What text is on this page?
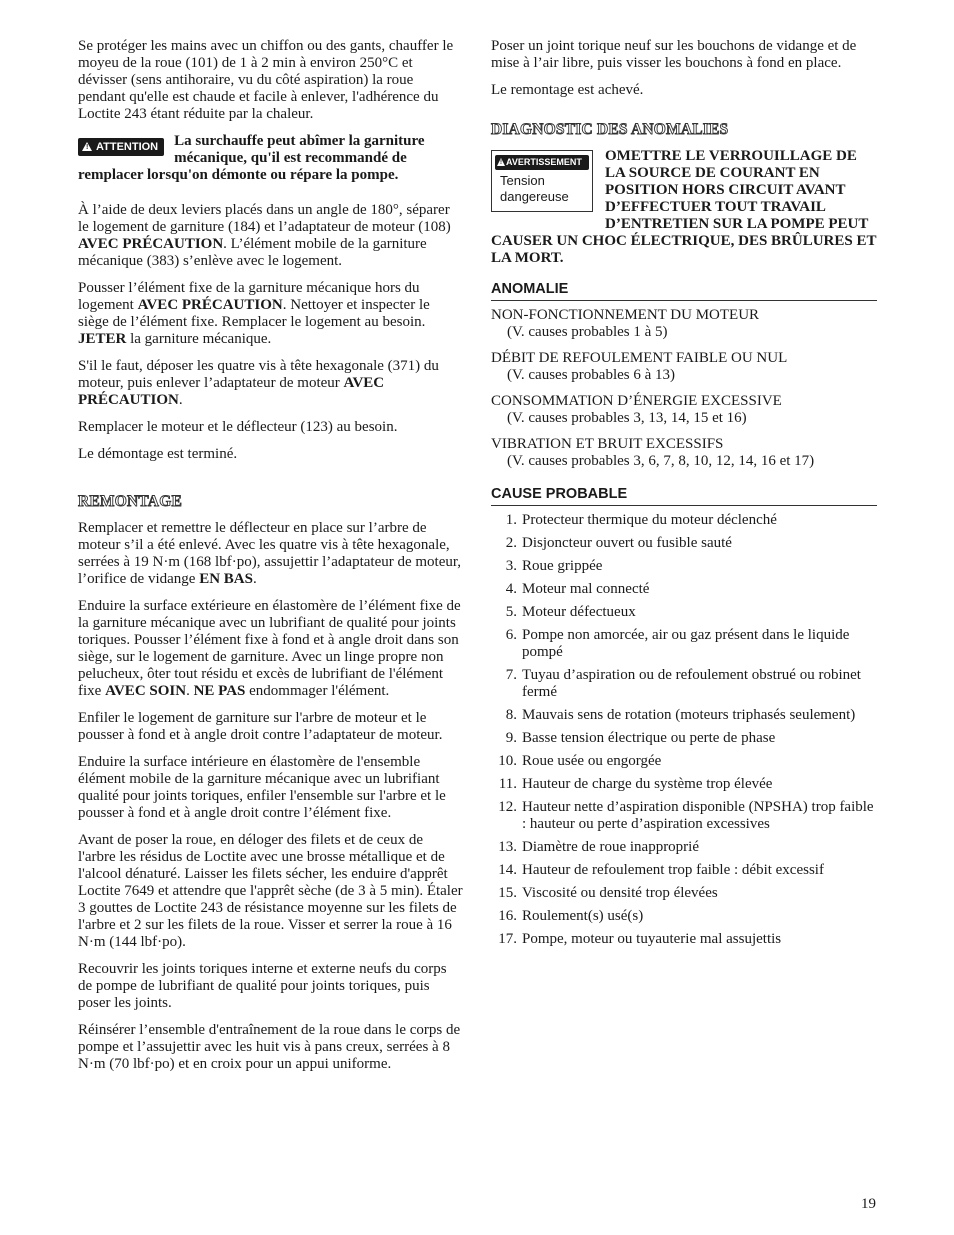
Se protéger les mains avec un chiffon ou des gants, chauffer le moyeu de la roue (101) de 1 à 2 min à environ 250°C et dévisser (sens antihoraire, vu du côté aspiration) la roue pendant qu'elle est chaude et facile à enlever, l'adhérence du Loctite 243 étant réduite par la chaleur.

! ATTENTION	La surchauffe peut abîmer la garniture mécanique, qu'il est recommandé de remplacer lorsqu'on démonte ou répare la pompe.

À l’aide de deux leviers placés dans un angle de 180°, séparer le logement de garniture (184) et l’adaptateur de moteur (108) AVEC PRÉCAUTION. L’élément mobile de la garniture mécanique (383) s’enlève avec le logement.

Pousser l’élément fixe de la garniture mécanique hors du logement AVEC PRÉCAUTION. Nettoyer et inspecter le siège de l’élément fixe. Remplacer le logement au besoin. JETER la garniture mécanique.

S'il le faut, déposer les quatre vis à tête hexagonale (371) du moteur, puis enlever l’adaptateur de moteur AVEC PRÉCAUTION.

Remplacer le moteur et le déflecteur (123) au besoin.

Le démontage est terminé.

REMONTAGE

Remplacer et remettre le déflecteur en place sur l’arbre de moteur s’il a été enlevé. Avec les quatre vis à tête hexagonale, serrées à 19 N·m (168 lbf·po), assujettir l’adaptateur de moteur, l’orifice de vidange EN BAS.

Enduire la surface extérieure en élastomère de l’élément fixe de la garniture mécanique avec un lubrifiant de qualité pour joints toriques. Pousser l’élément fixe à fond et à angle droit dans son siège, sur le logement de garniture. Avec un linge propre non pelucheux, ôter tout résidu et excès de lubrifiant de l'élément fixe AVEC SOIN. NE PAS endommager l'élément.

Enfiler le logement de garniture sur l'arbre de moteur et le pousser à fond et à angle droit contre l’adaptateur de moteur.

Enduire la surface intérieure en élastomère de l'ensemble élément mobile de la garniture mécanique avec un lubrifiant qualité pour joints toriques, enfiler l'ensemble sur l'arbre et le pousser à fond et à angle droit contre l’élément fixe.

Avant de poser la roue, en déloger des filets et de ceux de l'arbre les résidus de Loctite avec une brosse métallique et de l'alcool dénaturé. Laisser les filets sécher, les enduire d'apprêt Loctite 7649 et attendre que l'apprêt sèche (de 3 à 5 min). Étaler 3 gouttes de Loctite 243 de résistance moyenne sur les filets de l'arbre et 2 sur les filets de la roue. Visser et serrer la roue à 16 N·m (144 lbf·po).

Recouvrir les joints toriques interne et externe neufs du corps de pompe de lubrifiant de qualité pour joints toriques, puis poser les joints.

Réinsérer l’ensemble d'entraînement de la roue dans le corps de pompe et l’assujettir avec les huit vis à pans creux, serrées à 8 N·m (70 lbf·po) et en croix pour un appui uniforme.

Poser un joint torique neuf sur les bouchons de vidange et de mise à l’air libre, puis visser les bouchons à fond en place.

Le remontage est achevé.

DIAGNOSTIC DES ANOMALIES
! AVERTISSEMENT
Tension dangereuse
OMETTRE LE VERROUILLAGE DE LA SOURCE DE COURANT EN POSITION HORS CIRCUIT AVANT D’EFFECTUER TOUT TRAVAIL D’ENTRETIEN SUR LA POMPE PEUT CAUSER UN CHOC ÉLECTRIQUE, DES BRÛLURES ET LA MORT.
ANOMALIE
NON-FONCTIONNEMENT DU MOTEUR
(V. causes probables 1 à 5)
DÉBIT DE REFOULEMENT FAIBLE OU NUL
(V. causes probables 6 à 13)
CONSOMMATION D’ÉNERGIE EXCESSIVE
(V. causes probables 3, 13, 14, 15 et 16)
VIBRATION ET BRUIT EXCESSIFS
(V. causes probables 3, 6, 7, 8, 10, 12, 14, 16 et 17)
CAUSE PROBABLE
1. Protecteur thermique du moteur déclenché
2. Disjoncteur ouvert ou fusible sauté
3. Roue grippée
4. Moteur mal connecté
5. Moteur défectueux
6. Pompe non amorcée, air ou gaz présent dans le liquide pompé
7. Tuyau d’aspiration ou de refoulement obstrué ou robinet fermé
8. Mauvais sens de rotation (moteurs triphasés seulement)
9. Basse tension électrique ou perte de phase
10. Roue usée ou engorgée
11. Hauteur de charge du système trop élevée
12. Hauteur nette d’aspiration disponible (NPSHA) trop faible : hauteur ou perte d’aspiration excessives
13. Diamètre de roue inapproprié
14. Hauteur de refoulement trop faible : débit excessif
15. Viscosité ou densité trop élevées
16. Roulement(s) usé(s)
17. Pompe, moteur ou tuyauterie mal assujettis
19
